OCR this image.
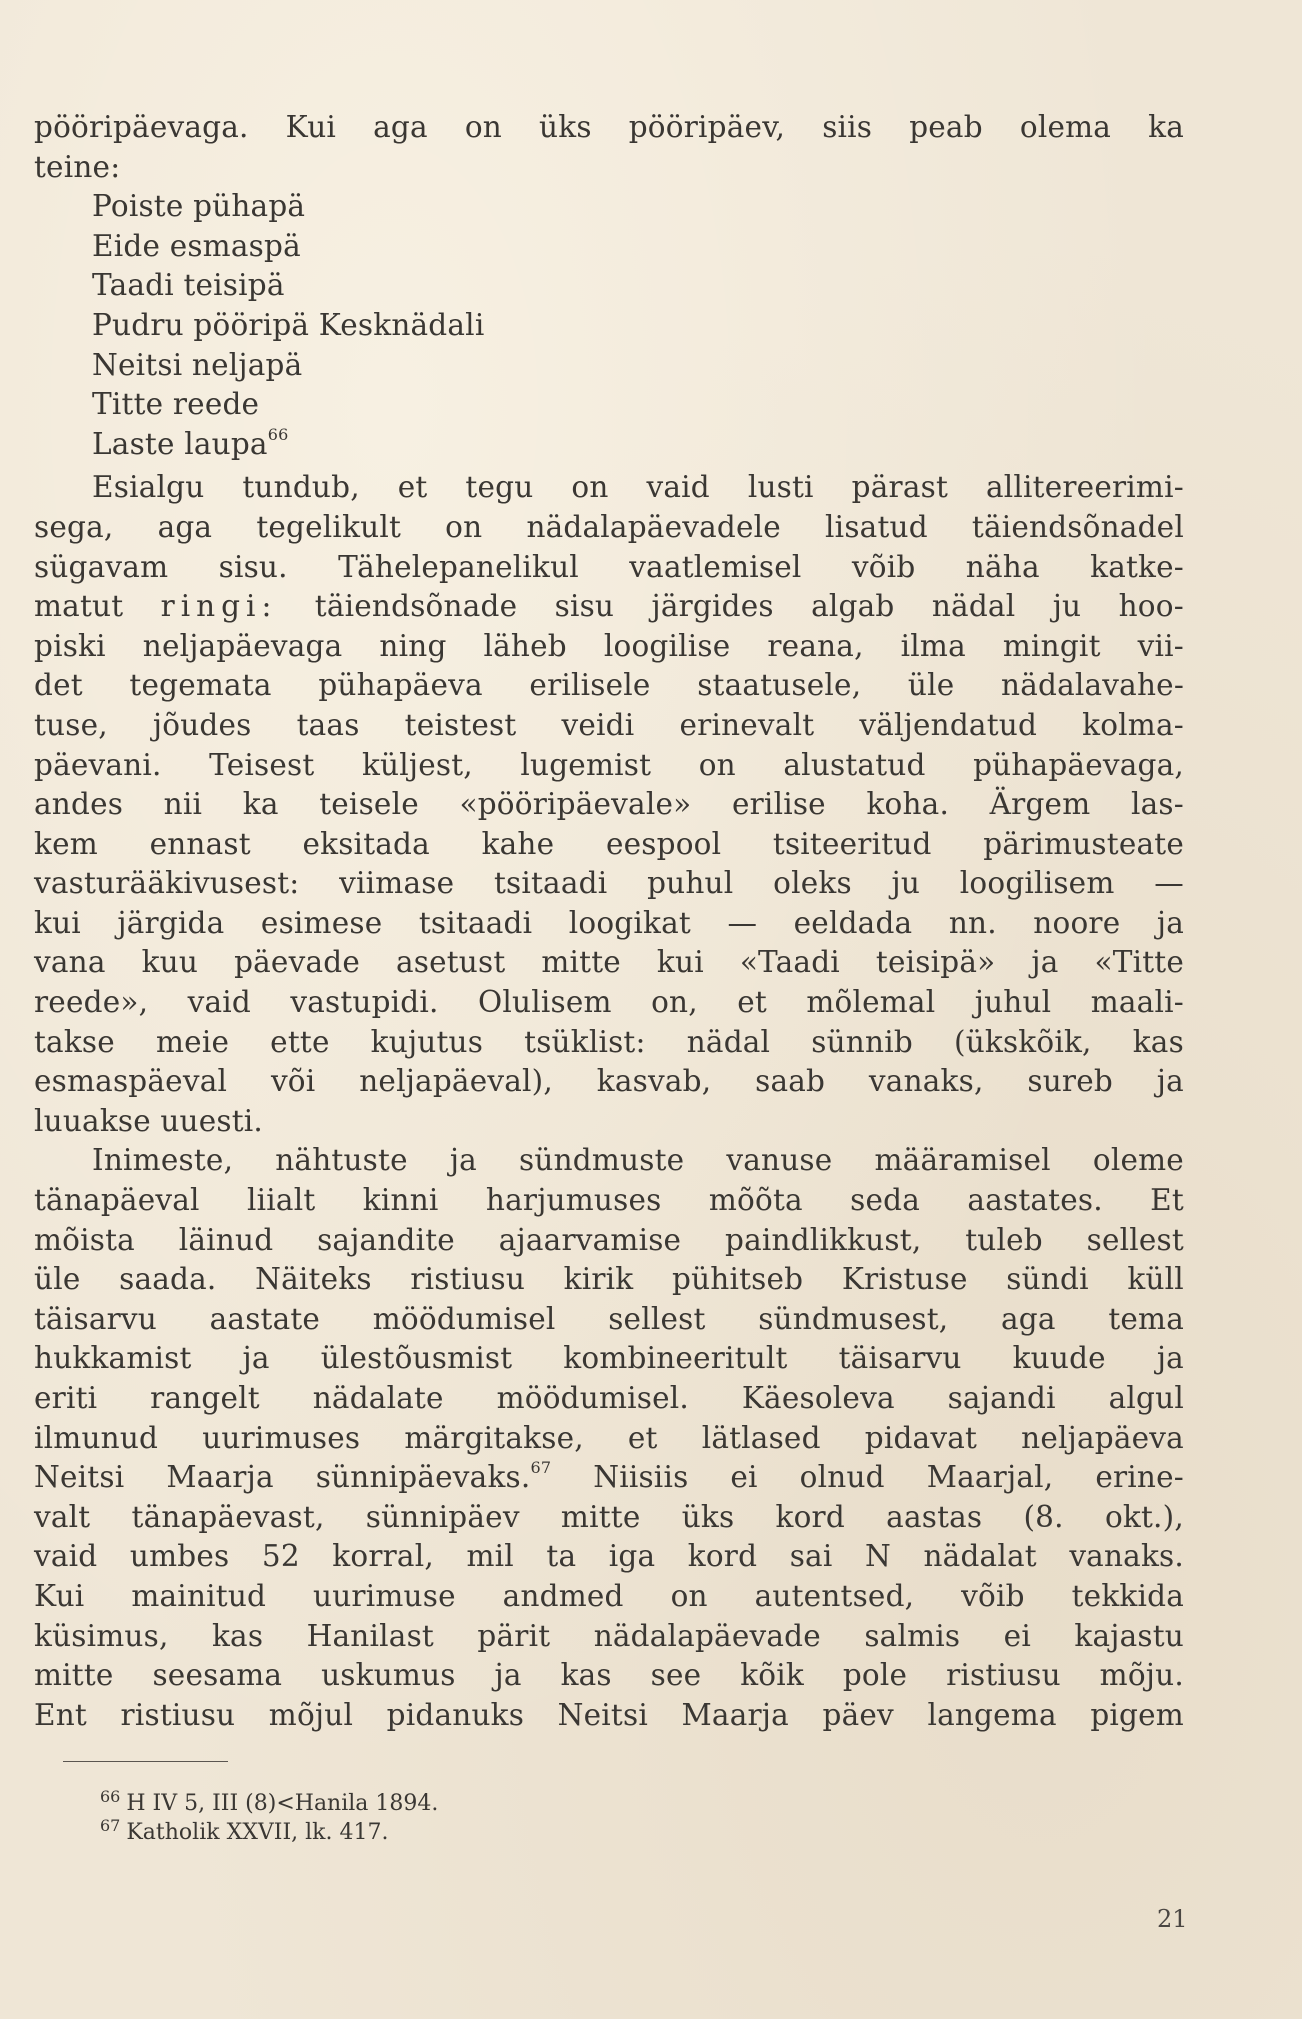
pööripäevaga. Kui aga on üks pööripäev, siis peab olema ka
teine:
Poiste pühapä
Eide esmaspä
Taadi teisipä
Pudru pööripä Kesknädali
Neitsi neljapä
Titte reede
Laste laupa$^{66}$
Esialgu tundub, et tegu on vaid lusti pärast allitereerimi-
sega, aga tegelikult on nädalapäevadele lisatud täiendsõnadel
sügavam sisu. Tähelepanelikul vaatlemisel võib näha katke-
matut ringi: täiendsõnade sisu järgides algab nädal ju hoo-
piski neljapäevaga ning läheb loogilise reana, ilma mingit vii-
det tegemata pühapäeva erilisele staatusele, üle nädalavahe-
tuse, jõudes taas teistest veidi erinevalt väljendatud kolma-
päevani. Teisest küljest, lugemist on alustatud pühapäevaga,
andes nii ka teisele «pööripäevale» erilise koha. Ärgem las-
kem ennast eksitada kahe eespool tsiteeritud pärimusteate
vasturääkivusest: viimase tsitaadi puhul oleks ju loogilisem —
kui järgida esimese tsitaadi loogikat — eeldada nn. noore ja
vana kuu päevade asetust mitte kui «Taadi teisipä» ja «Titte
reede», vaid vastupidi. Olulisem on, et mõlemal juhul maali-
takse meie ette kujutus tsüklist: nädal sünnib (ükskõik, kas
esmaspäeval või neljapäeval), kasvab, saab vanaks, sureb ja
luuakse uuesti.
Inimeste, nähtuste ja sündmuste vanuse määramisel oleme
tänapäeval liialt kinni harjumuses mõõta seda aastates. Et
mõista läinud sajandite ajaarvamise paindlikkust, tuleb sellest
üle saada. Näiteks ristiusu kirik pühitseb Kristuse sündi küll
täisarvu aastate möödumisel sellest sündmusest, aga tema
hukkamist ja ülestõusmist kombineeritult täisarvu kuude ja
eriti rangelt nädalate möödumisel. Käesoleva sajandi algul
ilmunud uurimuses märgitakse, et lätlased pidavat neljapäeva
Neitsi Maarja sünnipäevaks.$^{67}$ Niisiis ei olnud Maarjal, erine-
valt tänapäevast, sünnipäev mitte üks kord aastas (8. okt.),
vaid umbes 52 korral, mil ta iga kord sai N nädalat vanaks.
Kui mainitud uurimuse andmed on autentsed, võib tekkida
küsimus, kas Hanilast pärit nädalapäevade salmis ei kajastu
mitte seesama uskumus ja kas see kõik pole ristiusu mõju.
Ent ristiusu mõjul pidanuks Neitsi Maarja päev langema pigem
$^{66}$ H IV 5, III (8)<Hanila 1894.
$^{67}$ Katholik XXVII, lk. 417.
21
